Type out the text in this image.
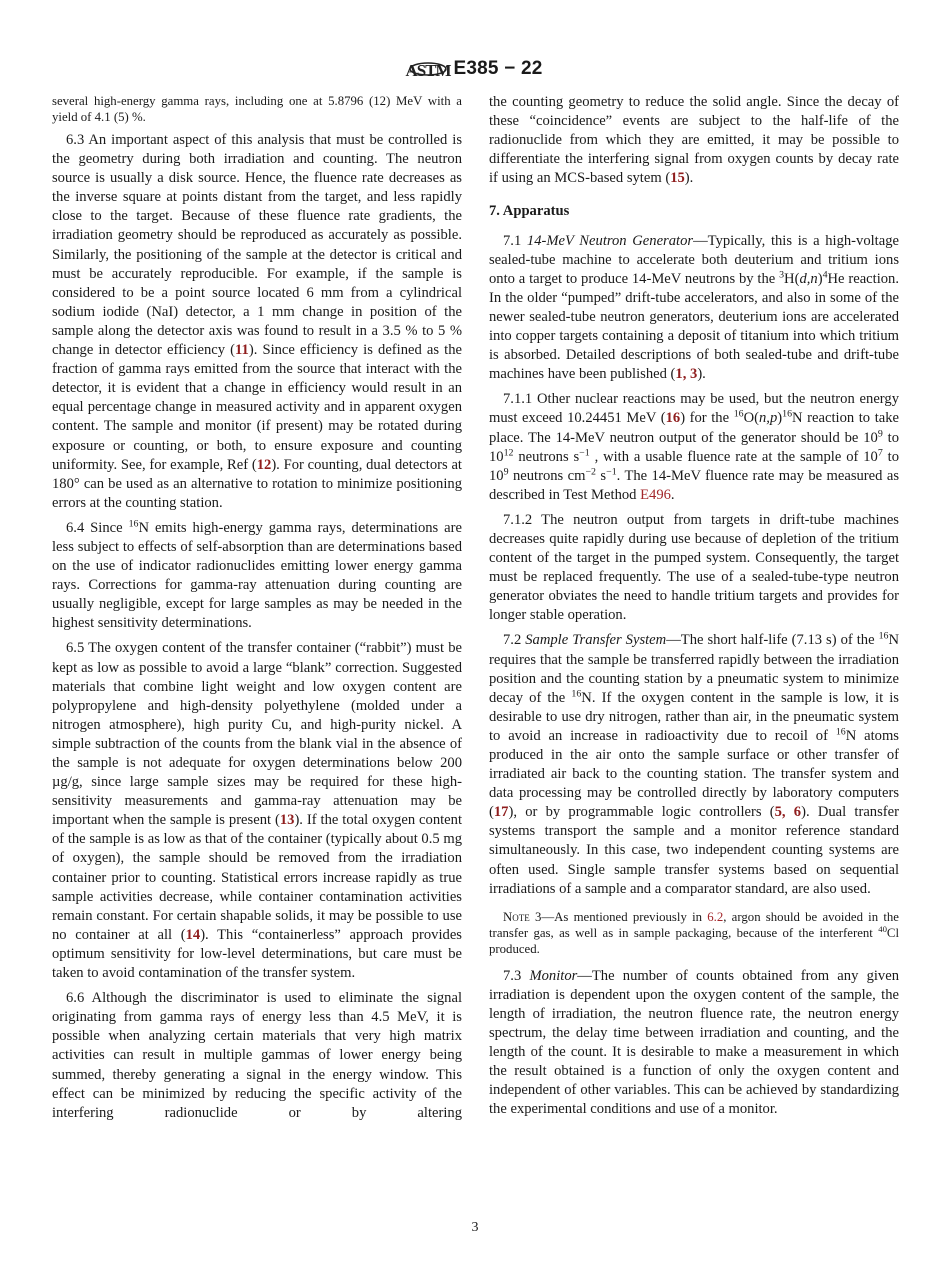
ASTM E385 − 22

several high-energy gamma rays, including one at 5.8796 (12) MeV with a yield of 4.1 (5) %.

6.3 An important aspect of this analysis that must be controlled is the geometry during both irradiation and counting. The neutron source is usually a disk source. Hence, the fluence rate decreases as the inverse square at points distant from the target, and less rapidly close to the target. Because of these fluence rate gradients, the irradiation geometry should be reproduced as accurately as possible. Similarly, the positioning of the sample at the detector is critical and must be accurately reproducible. For example, if the sample is considered to be a point source located 6 mm from a cylindrical sodium iodide (NaI) detector, a 1 mm change in position of the sample along the detector axis was found to result in a 3.5 % to 5 % change in detector efficiency (11). Since efficiency is defined as the fraction of gamma rays emitted from the source that interact with the detector, it is evident that a change in efficiency would result in an equal percentage change in measured activity and in apparent oxygen content. The sample and monitor (if present) may be rotated during exposure or counting, or both, to ensure exposure and counting uniformity. See, for example, Ref (12). For counting, dual detectors at 180° can be used as an alternative to rotation to minimize positioning errors at the counting station.

6.4 Since $^{16}$N emits high-energy gamma rays, determinations are less subject to effects of self-absorption than are determinations based on the use of indicator radionuclides emitting lower energy gamma rays. Corrections for gamma-ray attenuation during counting are usually negligible, except for large samples as may be needed in the highest sensitivity determinations.

6.5 The oxygen content of the transfer container (“rabbit”) must be kept as low as possible to avoid a large “blank” correction. Suggested materials that combine light weight and low oxygen content are polypropylene and high-density polyethylene (molded under a nitrogen atmosphere), high purity Cu, and high-purity nickel. A simple subtraction of the counts from the blank vial in the absence of the sample is not adequate for oxygen determinations below 200 µg/g, since large sample sizes may be required for these high-sensitivity measurements and gamma-ray attenuation may be important when the sample is present (13). If the total oxygen content of the sample is as low as that of the container (typically about 0.5 mg of oxygen), the sample should be removed from the irradiation container prior to counting. Statistical errors increase rapidly as true sample activities decrease, while container contamination activities remain constant. For certain shapable solids, it may be possible to use no container at all (14). This “containerless” approach provides optimum sensitivity for low-level determinations, but care must be taken to avoid contamination of the transfer system.

6.6 Although the discriminator is used to eliminate the signal originating from gamma rays of energy less than 4.5 MeV, it is possible when analyzing certain materials that very high matrix activities can result in multiple gammas of lower energy being summed, thereby generating a signal in the energy window. This effect can be minimized by reducing the specific activity of the interfering radionuclide or by altering

the counting geometry to reduce the solid angle. Since the decay of these “coincidence” events are subject to the half-life of the radionuclide from which they are emitted, it may be possible to differentiate the interfering signal from oxygen counts by decay rate if using an MCS-based sytem (15).

7. Apparatus

7.1 14-MeV Neutron Generator—Typically, this is a high-voltage sealed-tube machine to accelerate both deuterium and tritium ions onto a target to produce 14-MeV neutrons by the $^3H(d,n)^4He$ reaction. In the older “pumped” drift-tube accelerators, and also in some of the newer sealed-tube neutron generators, deuterium ions are accelerated into copper targets containing a deposit of titanium into which tritium is absorbed. Detailed descriptions of both sealed-tube and drift-tube machines have been published (1, 3).

7.1.1 Other nuclear reactions may be used, but the neutron energy must exceed 10.24451 MeV (16) for the $^{16}O(n,p)^{16}N$ reaction to take place. The 14-MeV neutron output of the generator should be $10^9$ to $10^{12}$ neutrons $s^{-1}$ , with a usable fluence rate at the sample of $10^7$ to $10^9$ neutrons $cm^{-2}$ $s^{-1}$. The 14-MeV fluence rate may be measured as described in Test Method E496.

7.1.2 The neutron output from targets in drift-tube machines decreases quite rapidly during use because of depletion of the tritium content of the target in the pumped system. Consequently, the target must be replaced frequently. The use of a sealed-tube-type neutron generator obviates the need to handle tritium targets and provides for longer stable operation.

7.2 Sample Transfer System—The short half-life (7.13 s) of the $^{16}$N requires that the sample be transferred rapidly between the irradiation position and the counting station by a pneumatic system to minimize decay of the $^{16}$N. If the oxygen content in the sample is low, it is desirable to use dry nitrogen, rather than air, in the pneumatic system to avoid an increase in radioactivity due to recoil of $^{16}$N atoms produced in the air onto the sample surface or other transfer of irradiated air back to the counting station. The transfer system and data processing may be controlled directly by laboratory computers (17), or by programmable logic controllers (5, 6). Dual transfer systems transport the sample and a monitor reference standard simultaneously. In this case, two independent counting systems are often used. Single sample transfer systems based on sequential irradiations of a sample and a comparator standard, are also used.

Note 3—As mentioned previously in 6.2, argon should be avoided in the transfer gas, as well as in sample packaging, because of the interferent $^{40}$Cl produced.

7.3 Monitor—The number of counts obtained from any given irradiation is dependent upon the oxygen content of the sample, the length of irradiation, the neutron fluence rate, the neutron energy spectrum, the delay time between irradiation and counting, and the length of the count. It is desirable to make a measurement in which the result obtained is a function of only the oxygen content and independent of other variables. This can be achieved by standardizing the experimental conditions and use of a monitor.

3
